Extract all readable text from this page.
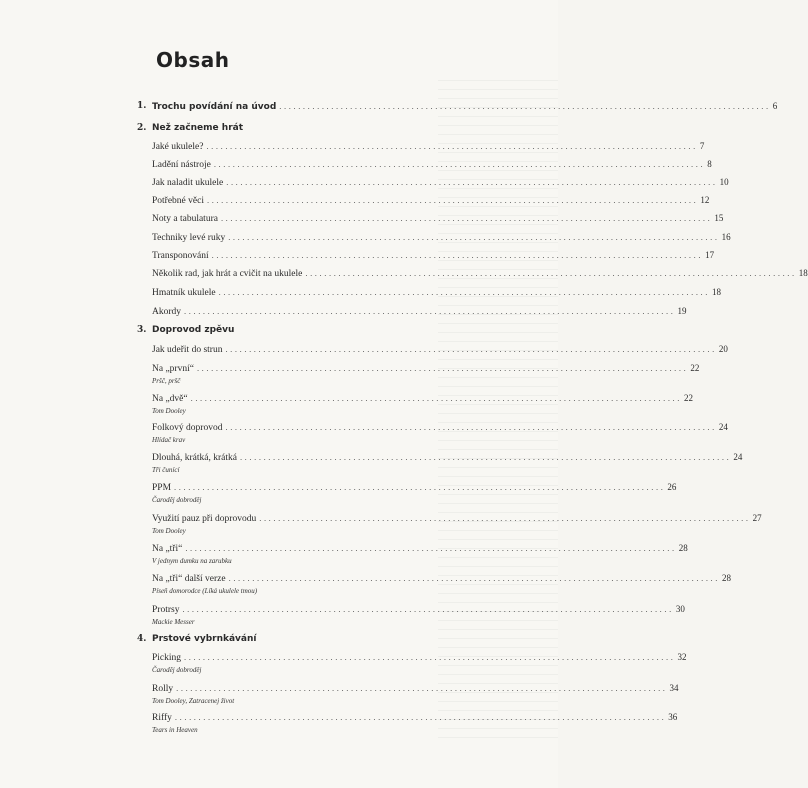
Obsah
1. Trochu povídání na úvod ........................................................................................................ 6
2. Než začneme hrát
Jaké ukulele? ........................................................................................................ 7
Ladění nástroje ........................................................................................................ 8
Jak naladit ukulele ........................................................................................................ 10
Potřebné věci ........................................................................................................ 12
Noty a tabulatura ........................................................................................................ 15
Techniky levé ruky ........................................................................................................ 16
Transponování ........................................................................................................ 17
Několik rad, jak hrát a cvičit na ukulele ........................................................................................................ 18
Hmatník ukulele ........................................................................................................ 18
Akordy ........................................................................................................ 19
3. Doprovod zpěvu
Jak udeřit do strun ........................................................................................................ 20
Na „první“ ........................................................................................................ 22
Pršč, pršč
Na „dvě“ ........................................................................................................ 22
Tom Dooley
Folkový doprovod ........................................................................................................ 24
Hlídač krav
Dlouhá, krátká, krátká ........................................................................................................ 24
Tři čunící
PPM ........................................................................................................ 26
Čaroděj dobroděj
Využití pauz při doprovodu ........................................................................................................ 27
Tom Dooley
Na „tři“ ........................................................................................................ 28
V jednym dumku na zarubku
Na „tři“ další verze ........................................................................................................ 28
Píseň domorodce (Líká ukulele tmou)
Protrsy ........................................................................................................ 30
Mackie Messer
4. Prstové vybrnkávání
Picking ........................................................................................................ 32
Čaroděj dobroděj
Rolly ........................................................................................................ 34
Tom Dooley, Zatracenej život
Riffy ........................................................................................................ 36
Tears in Heaven
